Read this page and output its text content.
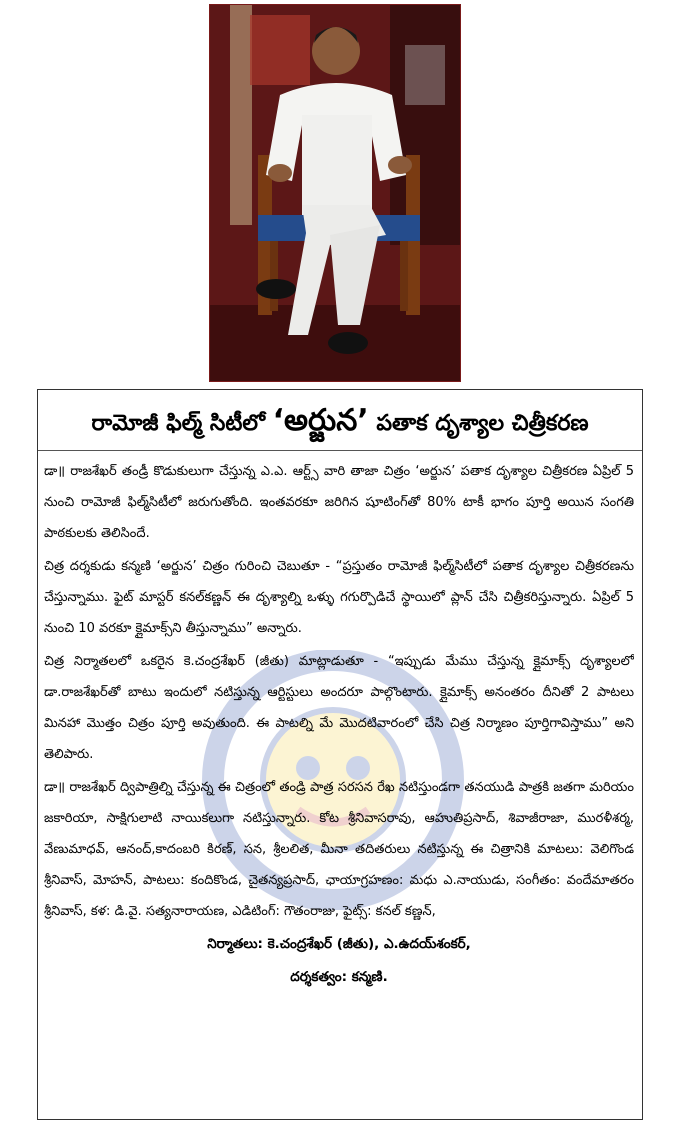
రామోజీ ఫిల్మ్ సిటీలో ‘అర్జున’ పతాక దృశ్యాల చిత్రీకరణ

డా॥ రాజశేఖర్ తండ్రీ కొడుకులుగా చేస్తున్న ఎ.ఎ. ఆర్ట్స్ వారి తాజా చిత్రం ‘అర్జున’ పతాక దృశ్యాల చిత్రీకరణ ఏప్రిల్ 5 నుంచి రామోజీ ఫిల్మ్‌సిటీలో జరుగుతోంది. ఇంతవరకూ జరిగిన షూటింగ్‌తో 80% టాకీ భాగం పూర్తి అయిన సంగతి పాఠకులకు తెలిసిందే.

చిత్ర దర్శకుడు కన్మణి ‘అర్జున’ చిత్రం గురించి చెబుతూ - “ప్రస్తుతం రామోజీ ఫిల్మ్‌సిటీలో పతాక దృశ్యాల చిత్రీకరణను చేస్తున్నాము. ఫైట్ మాస్టర్ కనల్‌కణ్ణన్ ఈ దృశ్యాల్ని ఒళ్ళు గగుర్పొడిచే స్థాయిలో ప్లాన్ చేసి చిత్రీకరిస్తున్నారు. ఏప్రిల్ 5 నుంచి 10 వరకూ క్లైమాక్స్‌ని తీస్తున్నాము” అన్నారు.

చిత్ర నిర్మాతలలో ఒకరైన కె.చంద్రశేఖర్ (జీతు) మాట్లాడుతూ - “ఇప్పుడు మేము చేస్తున్న క్లైమాక్స్ దృశ్యాలలో డా.రాజశేఖర్‌తో బాటు ఇందులో నటిస్తున్న ఆర్టిస్టులు అందరూ పాల్గొంటారు. క్లైమాక్స్ అనంతరం దీనితో 2 పాటలు మినహా మొత్తం చిత్రం పూర్తి అవుతుంది. ఈ పాటల్ని మే మొదటివారంలో చేసి చిత్ర నిర్మాణం పూర్తిగావిస్తాము” అని తెలిపారు.

డా॥ రాజశేఖర్ ద్విపాత్రిల్ని చేస్తున్న ఈ చిత్రంలో తండ్రి పాత్ర సరసన రేఖ నటిస్తుండగా తనయుడి పాత్రకి జతగా మరియం జకారియా, సాక్షిగులాటి నాయికలుగా నటిస్తున్నారు. కోట శ్రీనివాసరావు, ఆహుతిప్రసాద్, శివాజీరాజా, మురళీశర్మ, వేణుమాధవ్, ఆనంద్,కాదంబరి కిరణ్, సన, శ్రీలలిత, మీనా తదితరులు నటిస్తున్న ఈ చిత్రానికి మాటలు: వెలిగొండ శ్రీనివాస్, మోహన్, పాటలు: కందికొండ, చైతన్యప్రసాద్, ఛాయాగ్రహణం: మధు ఎ.నాయుడు, సంగీతం: వందేమాతరం శ్రీనివాస్, కళ: డి.వై. సత్యనారాయణ, ఎడిటింగ్: గౌతంరాజు, ఫైట్స్: కనల్ కణ్ణన్,

నిర్మాతలు: కె.చంద్రశేఖర్ (జీతు), ఎ.ఉదయ్‌శంకర్,

దర్శకత్వం: కన్మణి.
